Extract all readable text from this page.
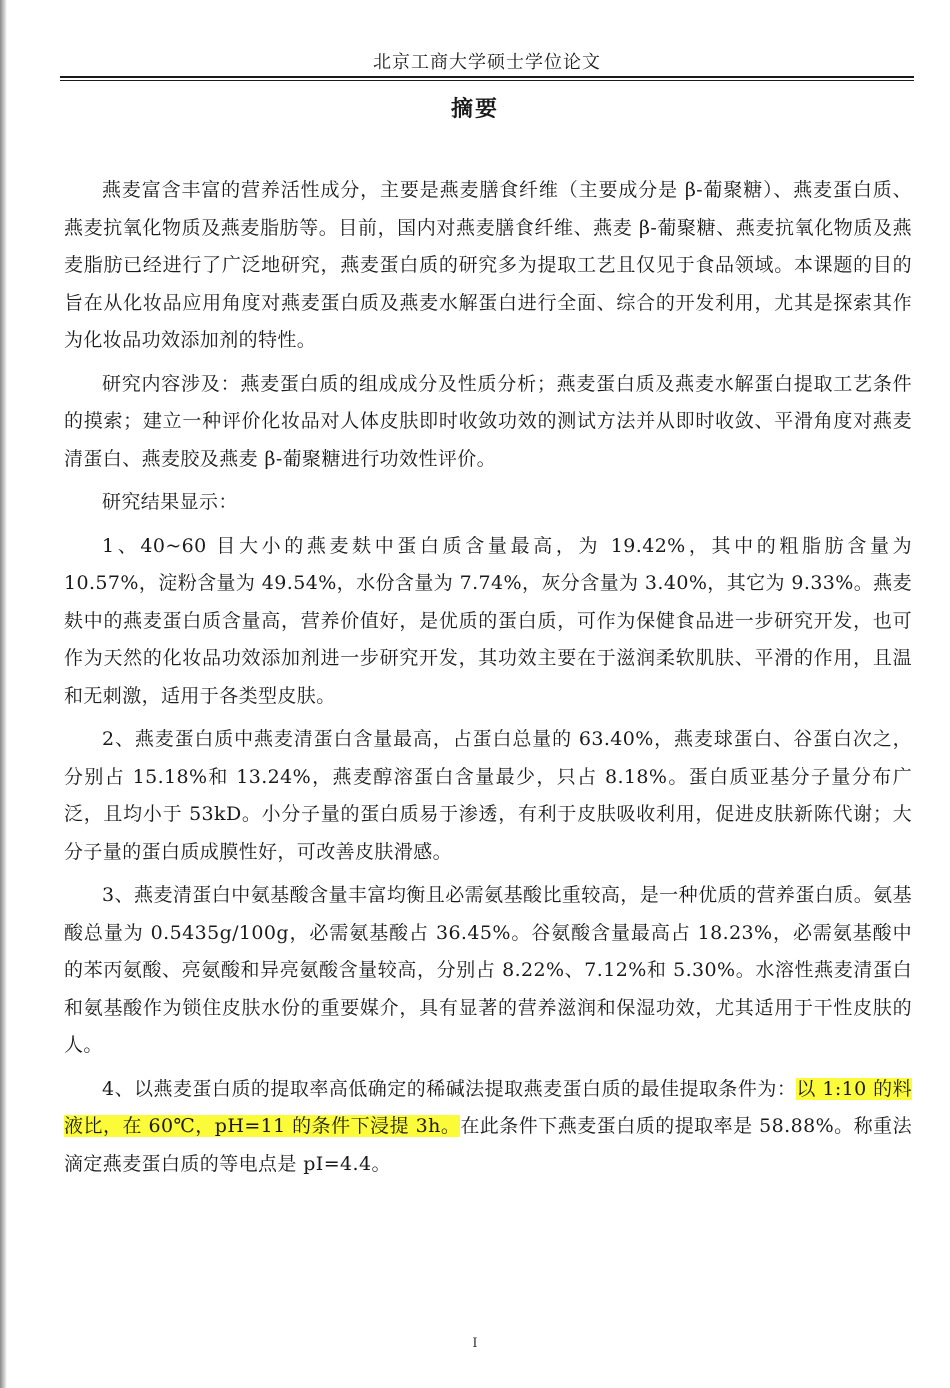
北京工商大学硕士学位论文
摘要

燕麦富含丰富的营养活性成分，主要是燕麦膳食纤维（主要成分是 β-葡聚糖）、燕麦蛋白质、燕麦抗氧化物质及燕麦脂肪等。目前，国内对燕麦膳食纤维、燕麦 β-葡聚糖、燕麦抗氧化物质及燕麦脂肪已经进行了广泛地研究，燕麦蛋白质的研究多为提取工艺且仅见于食品领域。本课题的目的旨在从化妆品应用角度对燕麦蛋白质及燕麦水解蛋白进行全面、综合的开发利用，尤其是探索其作为化妆品功效添加剂的特性。

研究内容涉及：燕麦蛋白质的组成成分及性质分析；燕麦蛋白质及燕麦水解蛋白提取工艺条件的摸索；建立一种评价化妆品对人体皮肤即时收敛功效的测试方法并从即时收敛、平滑角度对燕麦清蛋白、燕麦胶及燕麦 β-葡聚糖进行功效性评价。

研究结果显示：

1、40~60 目大小的燕麦麸中蛋白质含量最高，为 19.42%，其中的粗脂肪含量为 10.57%，淀粉含量为 49.54%，水份含量为 7.74%，灰分含量为 3.40%，其它为 9.33%。燕麦麸中的燕麦蛋白质含量高，营养价值好，是优质的蛋白质，可作为保健食品进一步研究开发，也可作为天然的化妆品功效添加剂进一步研究开发，其功效主要在于滋润柔软肌肤、平滑的作用，且温和无刺激，适用于各类型皮肤。

2、燕麦蛋白质中燕麦清蛋白含量最高，占蛋白总量的 63.40%，燕麦球蛋白、谷蛋白次之，分别占 15.18%和 13.24%，燕麦醇溶蛋白含量最少，只占 8.18%。蛋白质亚基分子量分布广泛，且均小于 53kD。小分子量的蛋白质易于渗透，有利于皮肤吸收利用，促进皮肤新陈代谢；大分子量的蛋白质成膜性好，可改善皮肤滑感。

3、燕麦清蛋白中氨基酸含量丰富均衡且必需氨基酸比重较高，是一种优质的营养蛋白质。氨基酸总量为 0.5435g/100g，必需氨基酸占 36.45%。谷氨酸含量最高占 18.23%，必需氨基酸中的苯丙氨酸、亮氨酸和异亮氨酸含量较高，分别占 8.22%、7.12%和 5.30%。水溶性燕麦清蛋白和氨基酸作为锁住皮肤水份的重要媒介，具有显著的营养滋润和保湿功效，尤其适用于干性皮肤的人。

4、以燕麦蛋白质的提取率高低确定的稀碱法提取燕麦蛋白质的最佳提取条件为：以 1:10 的料液比，在 60℃，pH=11 的条件下浸提 3h。在此条件下燕麦蛋白质的提取率是 58.88%。称重法滴定燕麦蛋白质的等电点是 pI=4.4。

I
